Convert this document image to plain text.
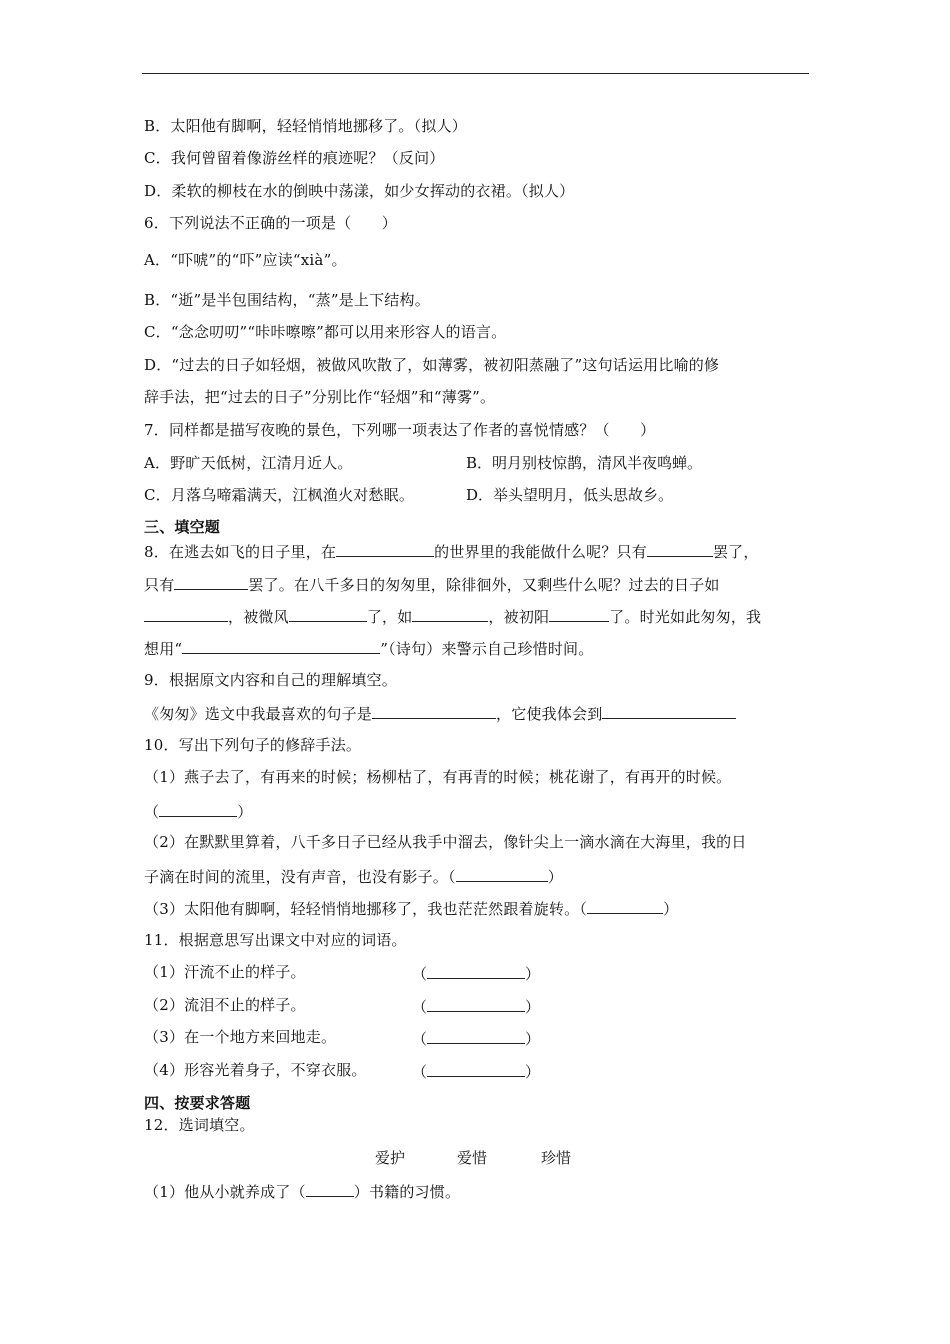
B．太阳他有脚啊，轻轻悄悄地挪移了。（拟人）
C．我何曾留着像游丝样的痕迹呢？（反问）
D．柔软的柳枝在水的倒映中荡漾，如少女挥动的衣裙。（拟人）
6．下列说法不正确的一项是（　　）
A．“吓唬”的“吓”应读“xià”。
B．“逝”是半包围结构，“蒸”是上下结构。
C．“念念叨叨”“咔咔嚓嚓”都可以用来形容人的语言。
D．“过去的日子如轻烟，被做风吹散了，如薄雾，被初阳蒸融了”这句话运用比喻的修
辞手法，把“过去的日子”分别比作“轻烟”和“薄雾”。
7．同样都是描写夜晚的景色，下列哪一项表达了作者的喜悦情感？（　　）
A．野旷天低树，江清月近人。	B．明月别枝惊鹊，清风半夜鸣蝉。
C．月落乌啼霜满天，江枫渔火对愁眠。	D．举头望明月，低头思故乡。
三、填空题
8．在逃去如飞的日子里，在	的世界里的我能做什么呢？只有	罢了，
只有	罢了。在八千多日的匆匆里，除徘徊外，又剩些什么呢？过去的日子如
，被微风	了，如	，被初阳	了。时光如此匆匆，我
想用“	”（诗句）来警示自己珍惜时间。
9．根据原文内容和自己的理解填空。
《匆匆》选文中我最喜欢的句子是	，它使我体会到
10．写出下列句子的修辞手法。
（1）燕子去了，有再来的时候；杨柳枯了，有再青的时候；桃花谢了，有再开的时候。
（	）
（2）在默默里算着，八千多日子已经从我手中溜去，像针尖上一滴水滴在大海里，我的日
子滴在时间的流里，没有声音，也没有影子。（	）
（3）太阳他有脚啊，轻轻悄悄地挪移了，我也茫茫然跟着旋转。（	）
11．根据意思写出课文中对应的词语。
（1）汗流不止的样子。	（	）
（2）流泪不止的样子。	（	）
（3）在一个地方来回地走。	（	）
（4）形容光着身子，不穿衣服。	（	）
四、按要求答题
12．选词填空。
爱护	爱惜	珍惜
（1）他从小就养成了（	）书籍的习惯。
